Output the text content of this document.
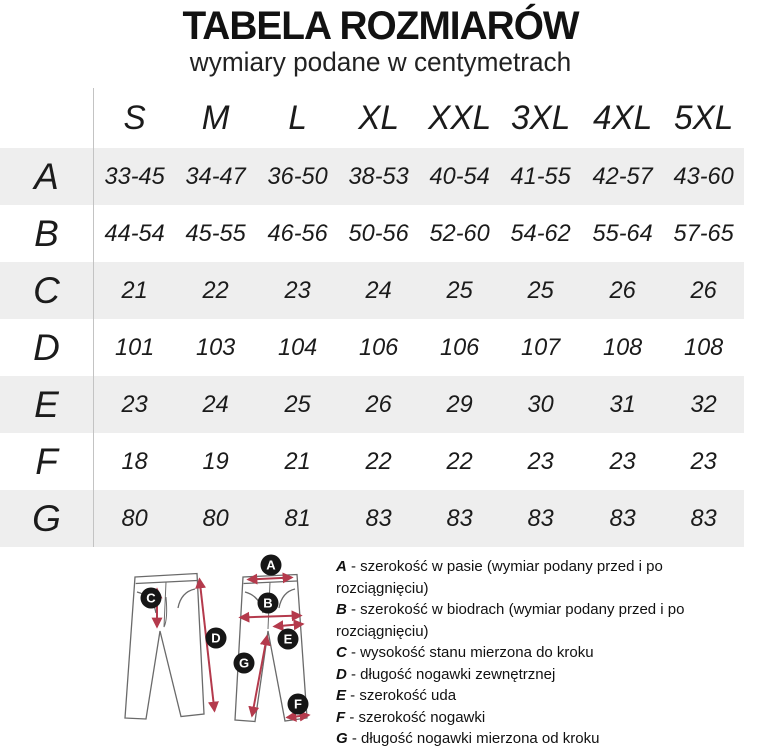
TABELA ROZMIARÓW
wymiary podane w centymetrach
S	M	L	XL XXL 3XL 4XL 5XL
A	33-45 34-47 36-50 38-53 40-54 41-55 42-57 43-60
B	44-54 45-55 46-56 50-56 52-60 54-62 55-64 57-65
C	21	22	23	24	25	25	26	26
D	101	103	104	106	106	107	108	108
E	23	24	25	26	29	30	31	32
F	18	19	21	22	22	23	23	23
G	80	80	81	83	83	83	83	83
C
D
A
B
E
G
F
A - szerokość w pasie (wymiar podany przed i po rozciągnięciu)
B - szerokość w biodrach (wymiar podany przed i po rozciągnięciu)
C - wysokość stanu mierzona do kroku
D - długość nogawki zewnętrznej
E - szerokość uda
F - szerokość nogawki
G - długość nogawki mierzona od kroku
